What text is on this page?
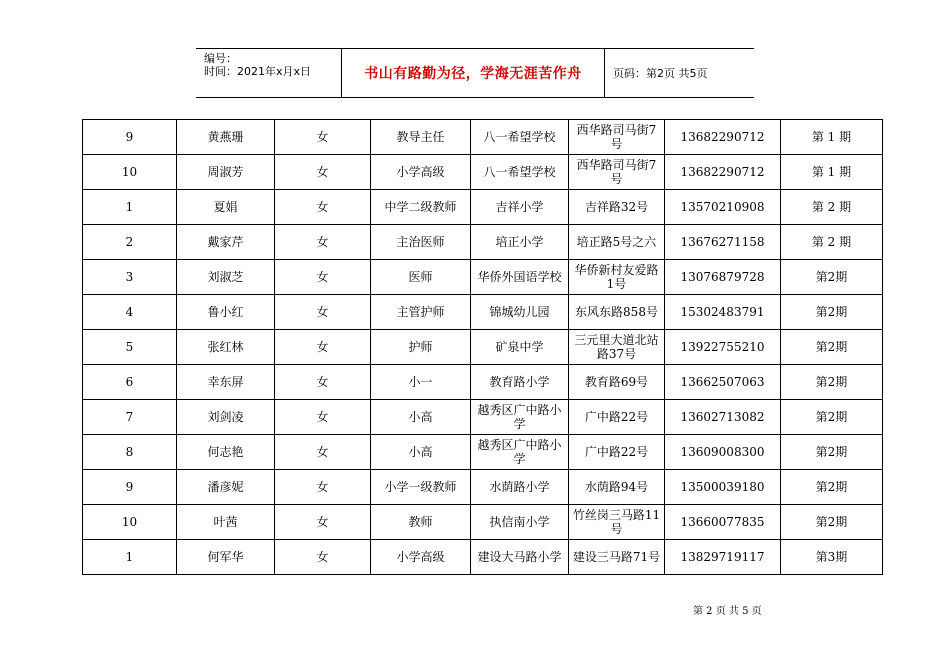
编号：
时间：2021年x月x日	书山有路勤为径，学海无涯苦作舟	页码：第2页 共5页
9	黄燕珊	女	教导主任	八一希望学校	西华路司马街7号	13682290712	第 1 期
10	周淑芳	女	小学高级	八一希望学校	西华路司马街7号	13682290712	第 1 期
1	夏娟	女	中学二级教师	吉祥小学	吉祥路32号	13570210908	第 2 期
2	戴家芹	女	主治医师	培正小学	培正路5号之六	13676271158	第 2 期
3	刘淑芝	女	医师	华侨外国语学校	华侨新村友爱路1号	13076879728	第2期
4	鲁小红	女	主管护师	锦城幼儿园	东风东路858号	15302483791	第2期
5	张红林	女	护师	矿泉中学	三元里大道北站路37号	13922755210	第2期
6	幸东屏	女	小一	教育路小学	教育路69号	13662507063	第2期
7	刘剑凌	女	小高	越秀区广中路小学	广中路22号	13602713082	第2期
8	何志艳	女	小高	越秀区广中路小学	广中路22号	13609008300	第2期
9	潘彦妮	女	小学一级教师	水荫路小学	水荫路94号	13500039180	第2期
10	叶茜	女	教师	执信南小学	竹丝岗三马路11号	13660077835	第2期
1	何军华	女	小学高级	建设大马路小学	建设三马路71号	13829719117	第3期
第 2 页 共 5 页
